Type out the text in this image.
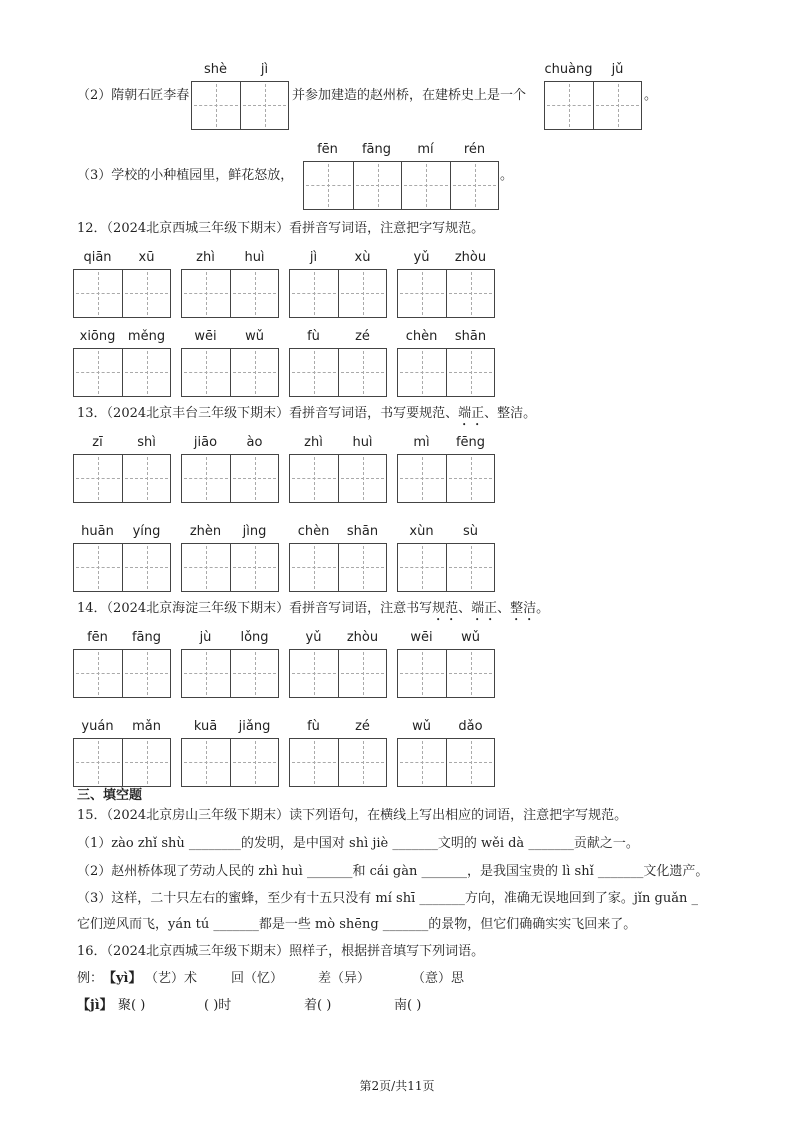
（2）隋朝石匠李春
shè	jì
并参加建造的赵州桥，在建桥史上是一个
chuàng	jǔ
。
（3）学校的小种植园里，鲜花怒放，
fēn	fāng	mí	rén
。
12．（2024北京西城三年级下期末）看拼音写词语，注意把字写规范。
13．（2024北京丰台三年级下期末）看拼音写词语，书写要规范、端正、整洁。
14．（2024北京海淀三年级下期末）看拼音写词语，注意书写规范、端正、整洁。
三、填空题
15．（2024北京房山三年级下期末）读下列语句，在横线上写出相应的词语，注意把字写规范。
（1）zào zhǐ shù ________的发明，是中国对 shì jiè _______文明的 wěi dà _______贡献之一。
（2）赵州桥体现了劳动人民的 zhì huì _______和 cái gàn _______，是我国宝贵的 lì shǐ _______文化遗产。
（3）这样，二十只左右的蜜蜂，至少有十五只没有 mí shī _______方向，准确无误地回到了家。jǐn guǎn _
它们逆风而飞，yán tú _______都是一些 mò shēng _______的景物，但它们确确实实飞回来了。
16．（2024北京西城三年级下期末）照样子，根据拼音填写下列词语。
例： 【yì】 （艺）术	回（忆）	差（异）	（意）思
【jì】 聚( )	( )时	着( )	南( )
第2页/共11页
qiān	xū	zhì	huì	jì	xù	yǔ	zhòu
xiōng měng	wēi	wǔ	fù	zé	chèn	shān
zī	shì	jiāo	ào	zhì	huì	mì	fēng
huān	yíng	zhèn	jìng	chèn	shān	xùn	sù
fēn	fāng	jù	lǒng	yǔ	zhòu	wēi	wǔ
yuán	mǎn	kuā	jiǎng	fù	zé	wǔ	dǎo
